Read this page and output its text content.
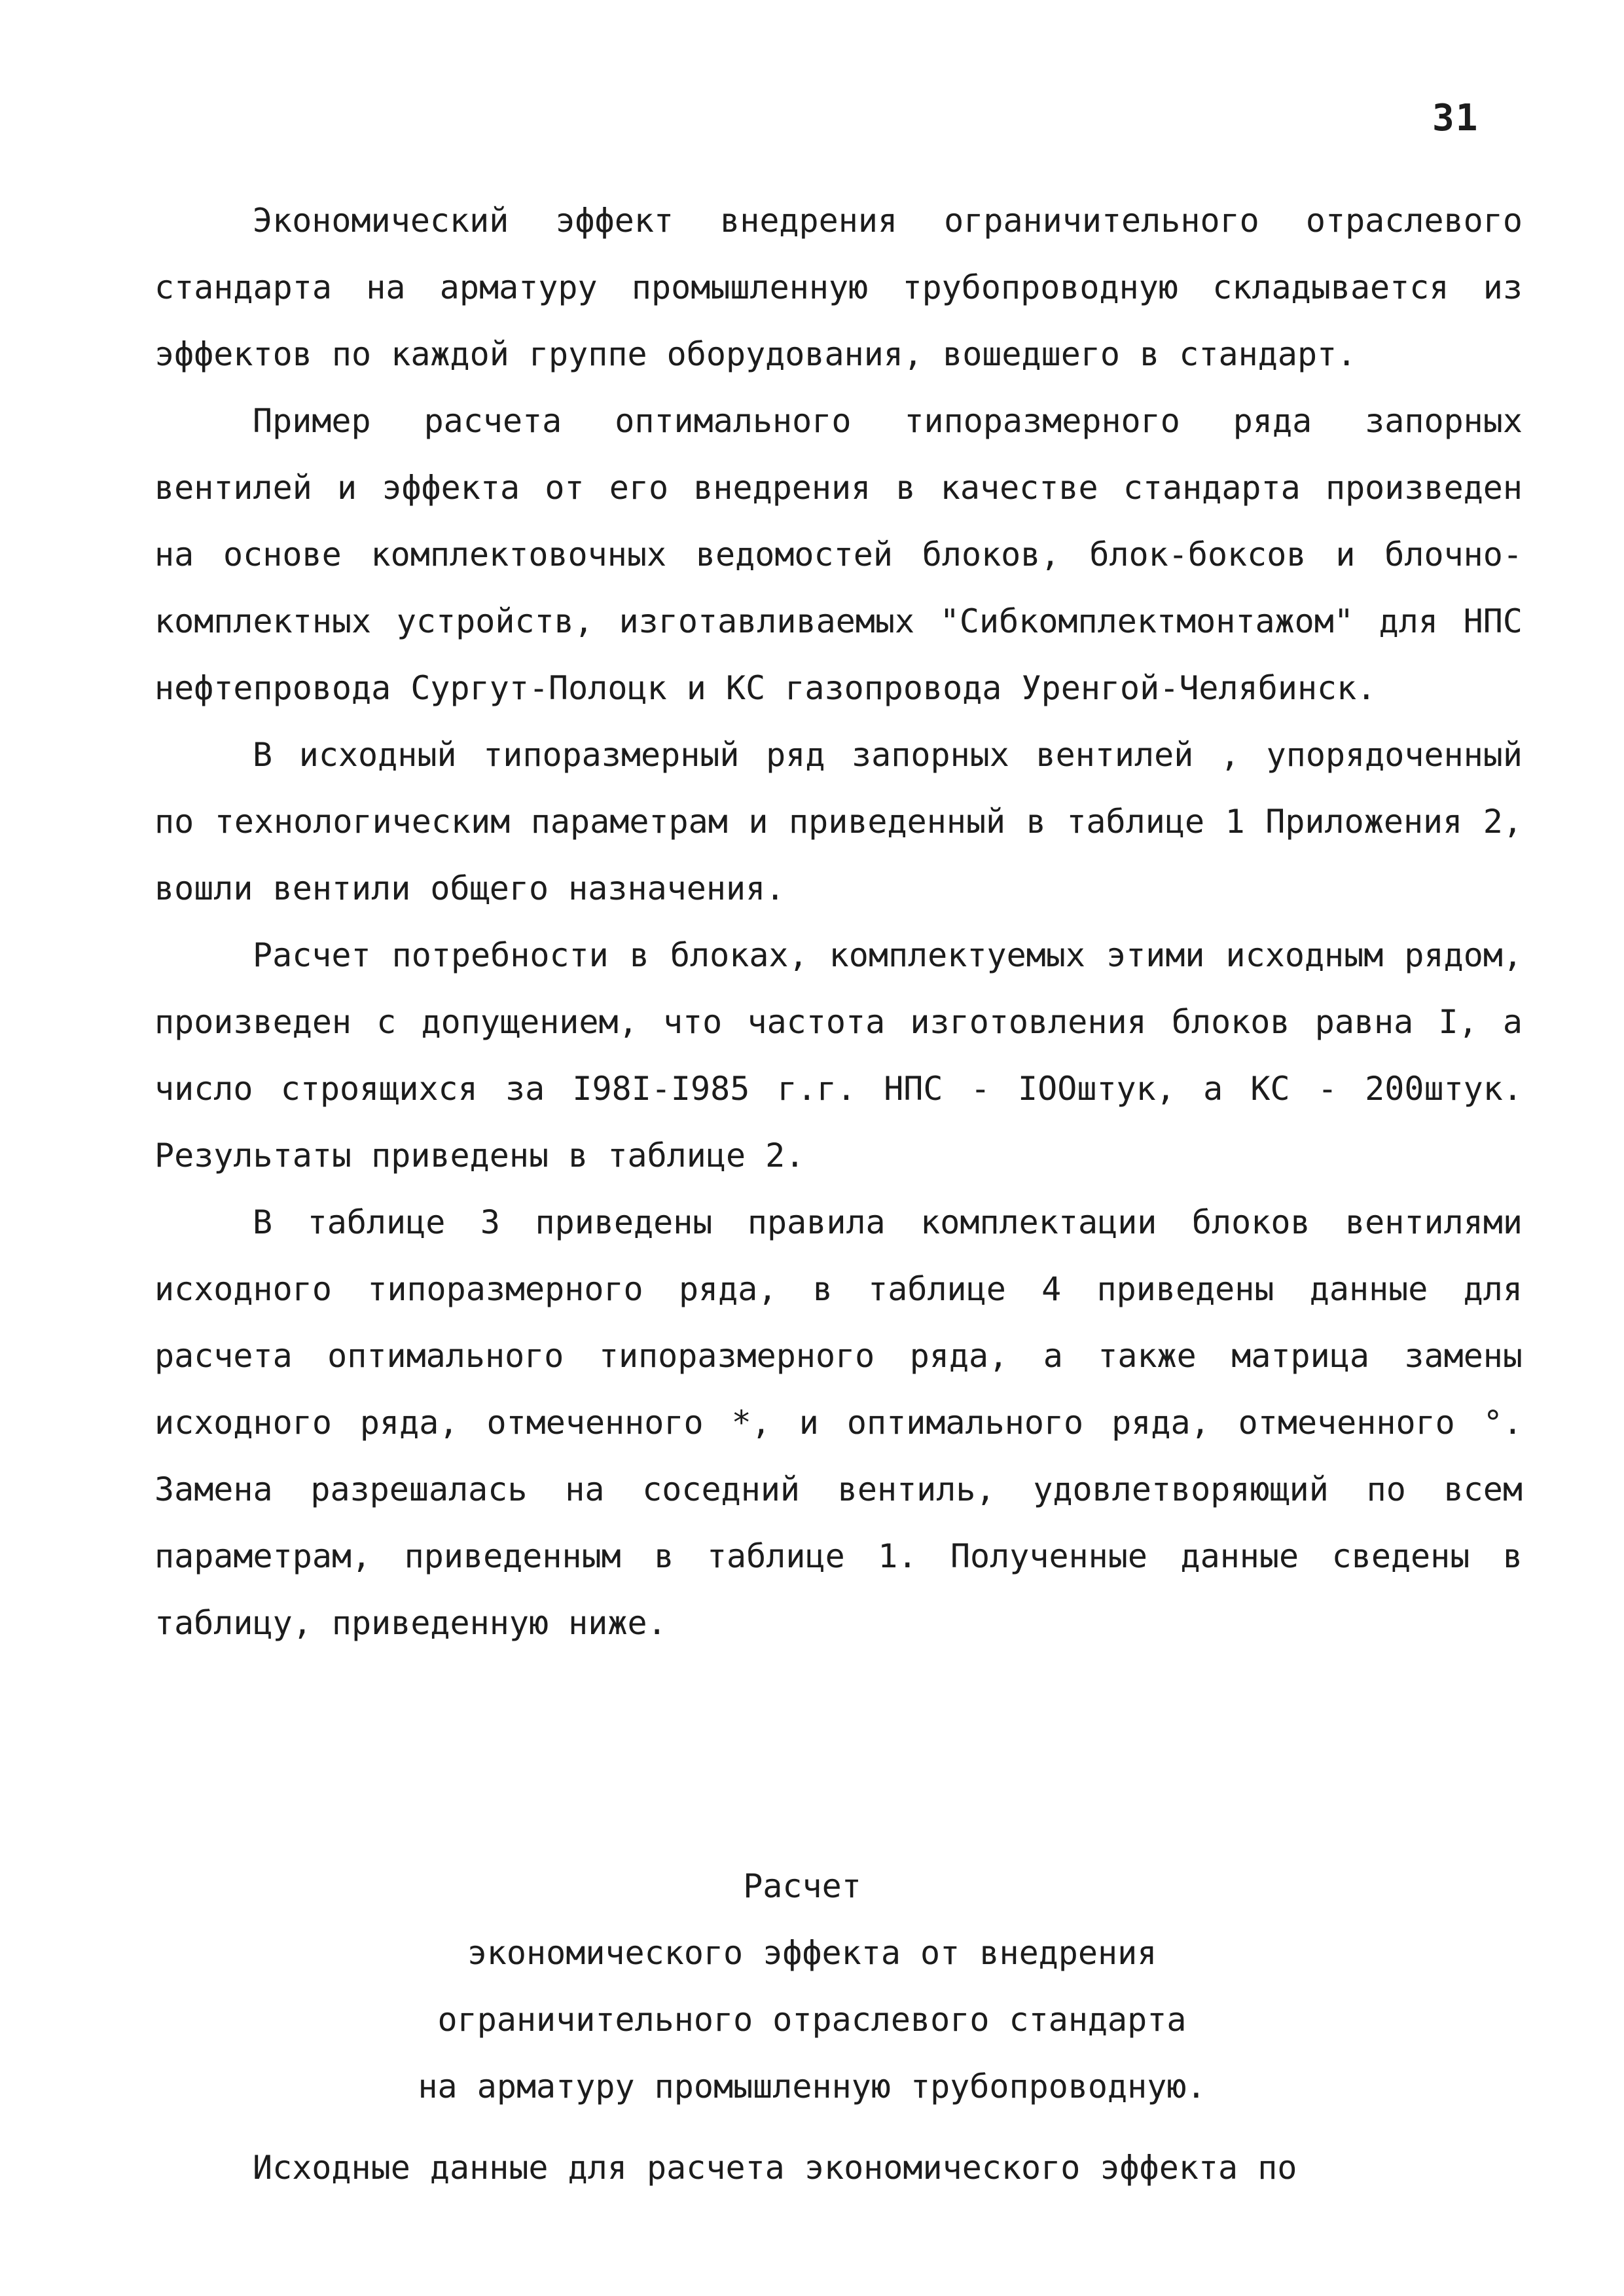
31

Экономический эффект внедрения ограничительного отраслевого стандарта на арматуру промышленную трубопроводную складывается из эффектов по каждой группе оборудования, вошедшего в стандарт.

Пример расчета оптимального типоразмерного ряда запорных вентилей и эффекта от его внедрения в качестве стандарта произведен на основе комплектовочных ведомостей блоков, блок-боксов и блочно-комплектных устройств, изготавливаемых "Сибкомплектмонтажом" для НПС нефтепровода Сургут-Полоцк и КС газопровода Уренгой-Челябинск.

В исходный типоразмерный ряд запорных вентилей , упорядоченный по технологическим параметрам и приведенный в таблице 1 Приложения 2, вошли вентили общего назначения.

Расчет потребности в блоках, комплектуемых этими исходным рядом, произведен с допущением, что частота изготовления блоков равна I, а число строящихся за I98I-I985 г.г. НПС - IООштук, а КС - 200штук. Результаты приведены в таблице 2.

В таблице 3 приведены правила комплектации блоков вентилями исходного типоразмерного ряда, в таблице 4 приведены данные для расчета оптимального типоразмерного ряда, а также матрица замены исходного ряда, отмеченного *, и оптимального ряда, отмеченного °. Замена разрешалась на соседний вентиль, удовлетворяющий по всем параметрам, приведенным в таблице 1. Полученные данные сведены в таблицу, приведенную ниже.

Расчет

экономического эффекта от внедрения

ограничительного отраслевого стандарта

на арматуру промышленную трубопроводную.

Исходные данные для расчета экономического эффекта по
